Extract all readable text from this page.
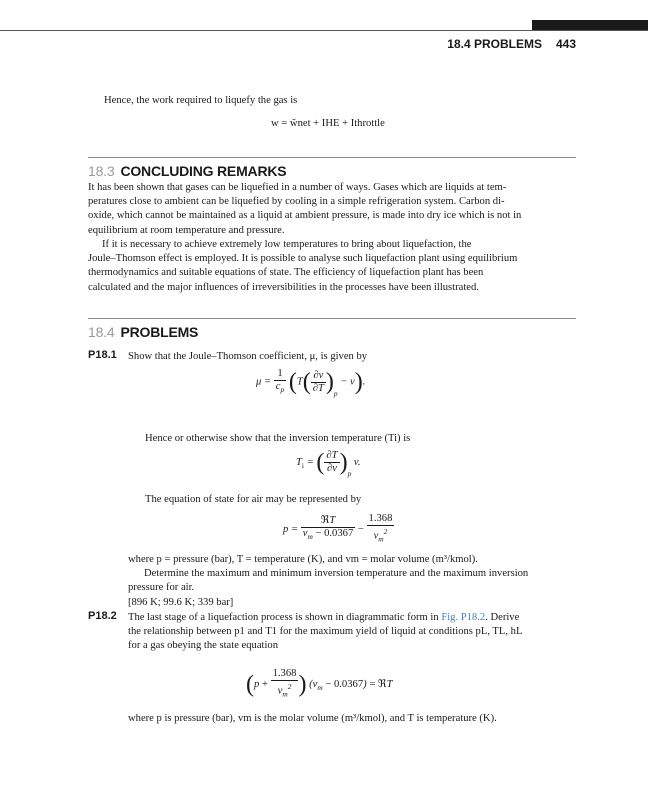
18.4 PROBLEMS 443
Hence, the work required to liquefy the gas is
w = w̆net + IHE + Ithrottle
18.3 CONCLUDING REMARKS
It has been shown that gases can be liquefied in a number of ways. Gases which are liquids at tem-
peratures close to ambient can be liquefied by cooling in a simple refrigeration system. Carbon di-
oxide, which cannot be maintained as a liquid at ambient pressure, is made into dry ice which is not in
equilibrium at room temperature and pressure.
If it is necessary to achieve extremely low temperatures to bring about liquefaction, the
Joule–Thomson effect is employed. It is possible to analyse such liquefaction plant using equilibrium
thermodynamics and suitable equations of state. The efficiency of liquefaction plant has been
calculated and the major influences of irreversibilities in the processes have been illustrated.
18.4 PROBLEMS
P18.1 Show that the Joule–Thomson coefficient, μ, is given by
$\mu = \frac{1}{c_p} (T( \frac{\partial v}{\partial T} )_p - v)$.
Hence or otherwise show that the inversion temperature (Ti) is
$T_i$ = ( $\frac{\partial T}{\partial v} )_p$ v.
The equation of state for air may be represented by
$p = \frac{\text{ℜT}}{v_m - 0.0367} - \frac{1.368}{v_m^2}$
where p = pressure (bar), T = temperature (K), and vm = molar volume (m³/kmol).
Determine the maximum and minimum inversion temperature and the maximum inversion
pressure for air.
[896 K; 99.6 K; 339 bar]
P18.2 The last stage of a liquefaction process is shown in diagrammatic form in Fig. P18.2. Derive
the relationship between p1 and T1 for the maximum yield of liquid at conditions pL, TL, hL
for a gas obeying the state equation
($p + \frac{1.368}{v_m^2}$ ) $(v_m - 0.0367)$ = ℜT
where p is pressure (bar), vm is the molar volume (m³/kmol), and T is temperature (K).
